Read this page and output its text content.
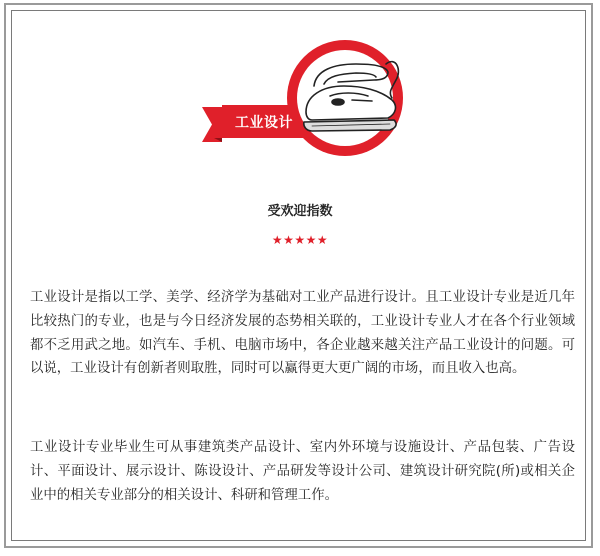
工业设计
受欢迎指数
★★★★★

工业设计是指以工学、美学、经济学为基础对工业产品进行设计。且工业设计专业是近几年比较热门的专业，也是与今日经济发展的态势相关联的，工业设计专业人才在各个行业领域都不乏用武之地。如汽车、手机、电脑市场中，各企业越来越关注产品工业设计的问题。可以说，工业设计有创新者则取胜，同时可以赢得更大更广阔的市场，而且收入也高。

工业设计专业毕业生可从事建筑类产品设计、室内外环境与设施设计、产品包装、广告设计、平面设计、展示设计、陈设设计、产品研发等设计公司、建筑设计研究院(所)或相关企业中的相关专业部分的相关设计、科研和管理工作。
